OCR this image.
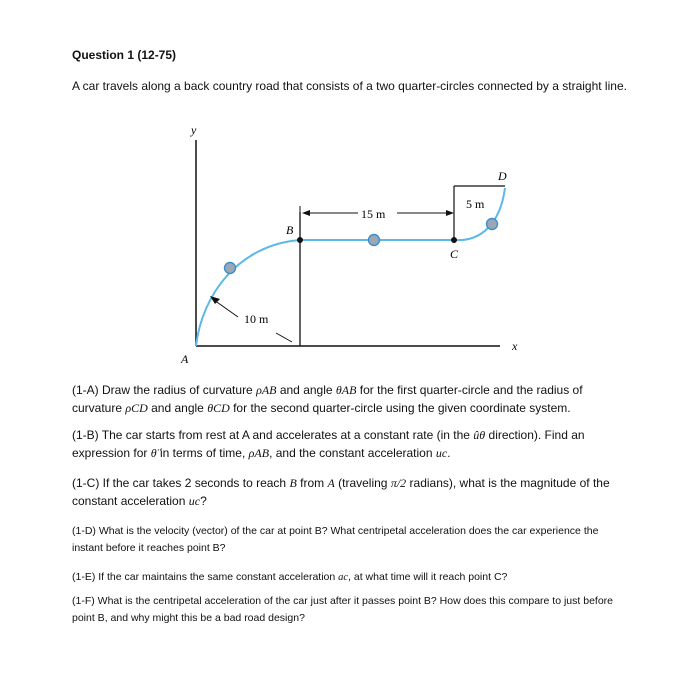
Question 1 (12-75)
A car travels along a back country road that consists of a two quarter-circles connected by a straight line.
y
x
A
B
15 m
5 m
C
D
10 m
(1-A) Draw the radius of curvature ρAB and angle θAB for the first quarter-circle and the radius of curvature ρCD and angle θCD for the second quarter-circle using the given coordinate system.
(1-B) The car starts from rest at A and accelerates at a constant rate (in the ûθ direction). Find an expression for θ̈ in terms of time, ρAB, and the constant acceleration uc.
(1-C) If the car takes 2 seconds to reach B from A (traveling π/2 radians), what is the magnitude of the constant acceleration uc?
(1-D) What is the velocity (vector) of the car at point B? What centripetal acceleration does the car experience the instant before it reaches point B?
(1-E) If the car maintains the same constant acceleration ac, at what time will it reach point C?
(1-F) What is the centripetal acceleration of the car just after it passes point B? How does this compare to just before point B, and why might this be a bad road design?
